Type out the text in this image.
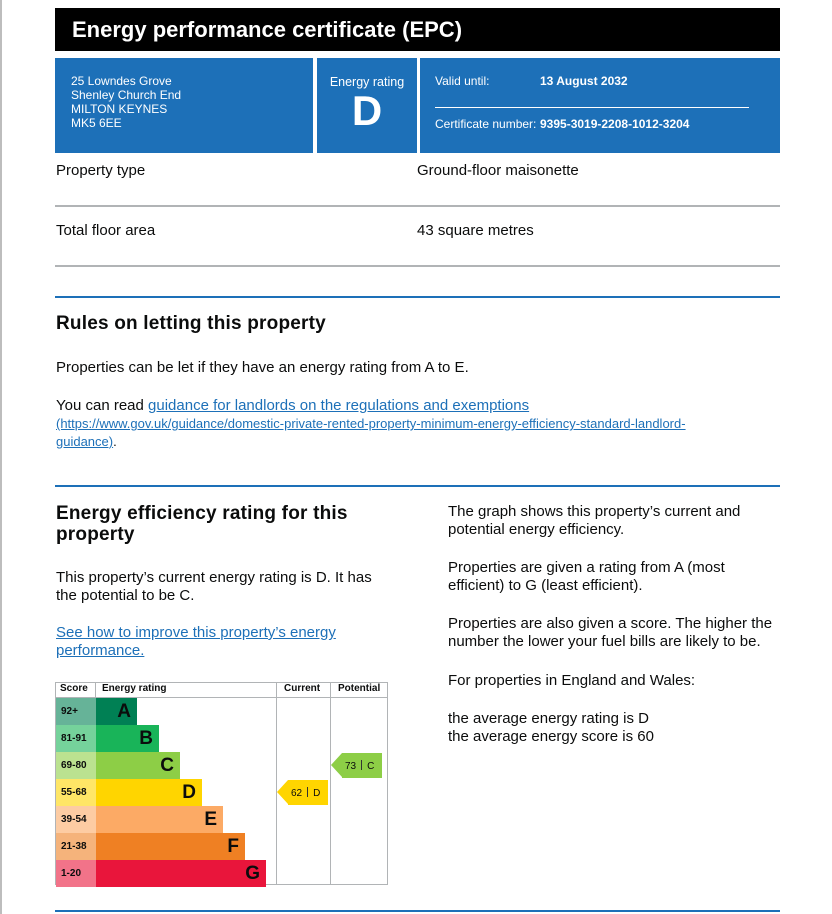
Energy performance certificate (EPC)
25 Lowndes Grove
Shenley Church End
MILTON KEYNES
MK5 6EE
Energy rating
D
Valid until:	13 August 2032
Certificate number: 9395-3019-2208-1012-3204
Property type	Ground-floor maisonette
Total floor area	43 square metres
Rules on letting this property
Properties can be let if they have an energy rating from A to E.
You can read guidance for landlords on the regulations and exemptions
(https://www.gov.uk/guidance/domestic-private-rented-property-minimum-energy-efficiency-standard-landlord-
guidance).
Energy efficiency rating for this
property
This property’s current energy rating is D. It has
the potential to be C.
See how to improve this property’s energy
performance.
The graph shows this property’s current and
potential energy efficiency.
Properties are given a rating from A (most
efficient) to G (least efficient).
Properties are also given a score. The higher the
number the lower your fuel bills are likely to be.
For properties in England and Wales:
the average energy rating is D
the average energy score is 60
Score Energy rating	Current Potential
92+	A
81-91	B
69-80	C
55-68	D
39-54	E
21-38	F
1-20	G
62 D
73 C
